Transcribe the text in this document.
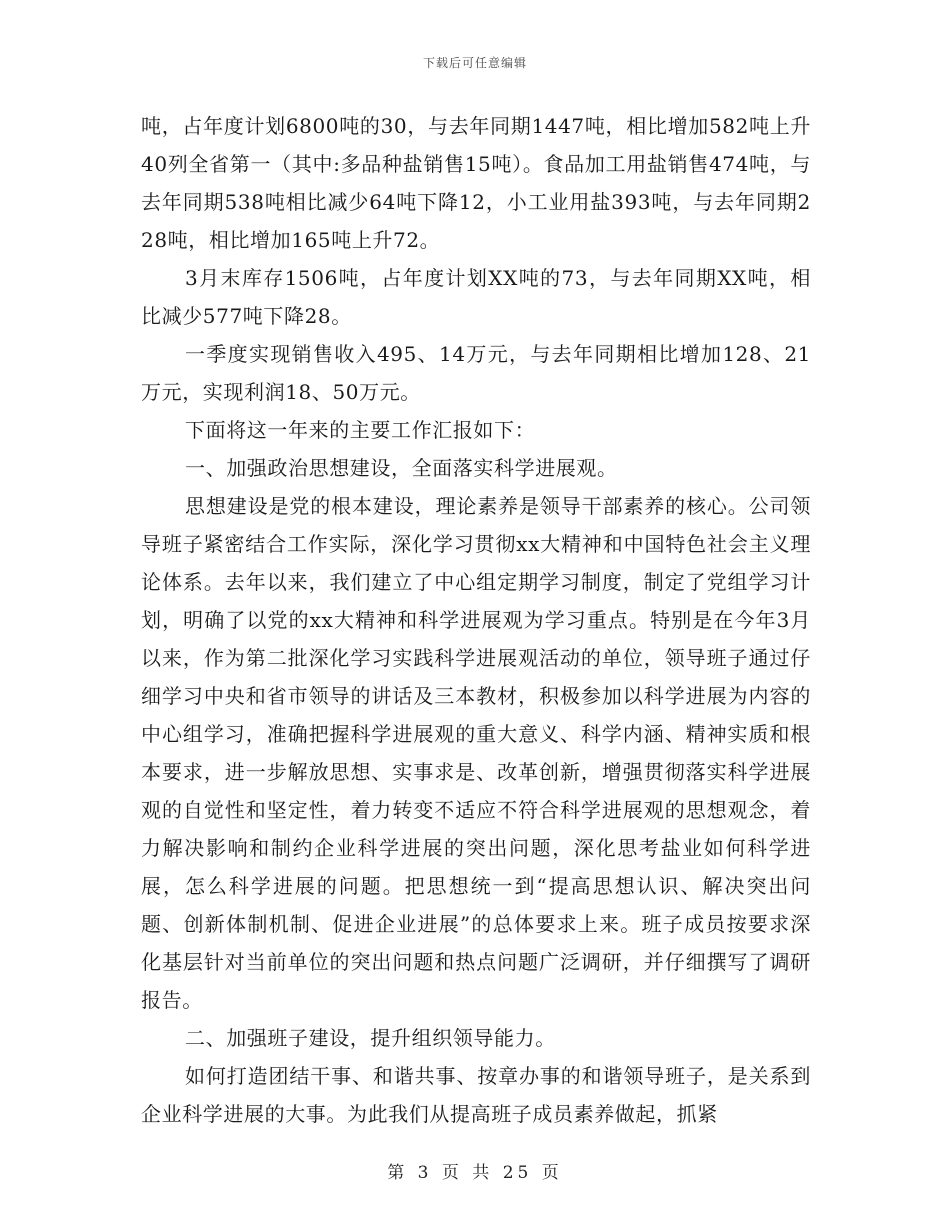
下载后可任意编辑

吨，占年度计划6800吨的30，与去年同期1447吨，相比增加582吨上升40列全省第一（其中:多品种盐销售15吨）。食品加工用盐销售474吨，与去年同期538吨相比减少64吨下降12，小工业用盐393吨，与去年同期228吨，相比增加165吨上升72。

3月末库存1506吨，占年度计划XX吨的73，与去年同期XX吨，相比减少577吨下降28。

一季度实现销售收入495、14万元，与去年同期相比增加128、21万元，实现利润18、50万元。

下面将这一年来的主要工作汇报如下：

一、加强政治思想建设，全面落实科学进展观。

思想建设是党的根本建设，理论素养是领导干部素养的核心。公司领导班子紧密结合工作实际，深化学习贯彻xx大精神和中国特色社会主义理论体系。去年以来，我们建立了中心组定期学习制度，制定了党组学习计划，明确了以党的xx大精神和科学进展观为学习重点。特别是在今年3月以来，作为第二批深化学习实践科学进展观活动的单位，领导班子通过仔细学习中央和省市领导的讲话及三本教材，积极参加以科学进展为内容的中心组学习，准确把握科学进展观的重大意义、科学内涵、精神实质和根本要求，进一步解放思想、实事求是、改革创新，增强贯彻落实科学进展观的自觉性和坚定性，着力转变不适应不符合科学进展观的思想观念，着力解决影响和制约企业科学进展的突出问题，深化思考盐业如何科学进展，怎么科学进展的问题。把思想统一到“提高思想认识、解决突出问题、创新体制机制、促进企业进展”的总体要求上来。班子成员按要求深化基层针对当前单位的突出问题和热点问题广泛调研，并仔细撰写了调研报告。

二、加强班子建设，提升组织领导能力。

如何打造团结干事、和谐共事、按章办事的和谐领导班子，是关系到企业科学进展的大事。为此我们从提高班子成员素养做起，抓紧

第 3 页 共 25 页
